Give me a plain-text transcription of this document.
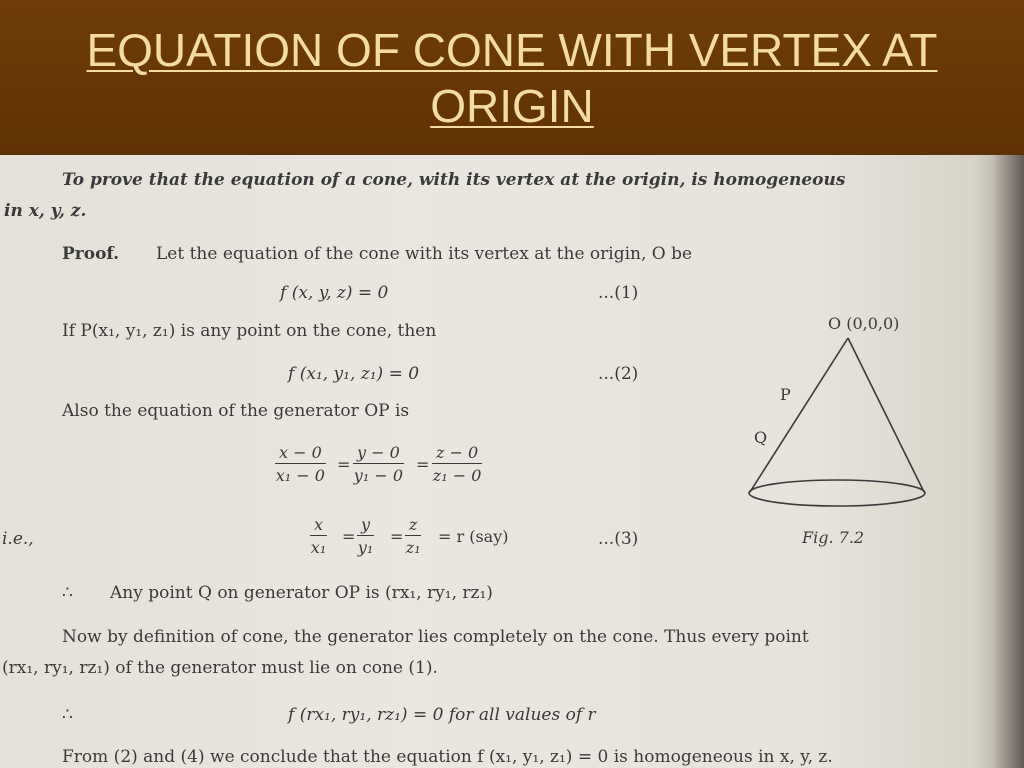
EQUATION OF CONE WITH VERTEX AT
ORIGIN
To prove that the equation of a cone, with its vertex at the origin, is homogeneous
in x, y, z.
Proof. Let the equation of the cone with its vertex at the origin, O be
f (x, y, z) = 0	...(1)
If P(x₁, y₁, z₁) is any point on the cone, then
f (x₁, y₁, z₁) = 0	...(2)
Also the equation of the generator OP is
$\frac{x - 0}{\text{x₁ − 0}} = \frac{y - 0}{\text{y₁ − 0}} = \frac{z - 0}{\text{z₁ − 0}}$
i.e.,	$\frac{x}{\text{x₁}} = \frac{y}{\text{y₁}} = \frac{z}{\text{z₁}} = r$ (say)	...(3)
∴ Any point Q on generator OP is (rx₁, ry₁, rz₁)
Now by definition of cone, the generator lies completely on the cone. Thus every point
(rx₁, ry₁, rz₁) of the generator must lie on cone (1).
∴	f (rx₁, ry₁, rz₁) = 0 for all values of r
From (2) and (4) we conclude that the equation f (x₁, y₁, z₁) = 0 is homogeneous in x, y, z.
O (0,0,0)
P
Q
Fig. 7.2
